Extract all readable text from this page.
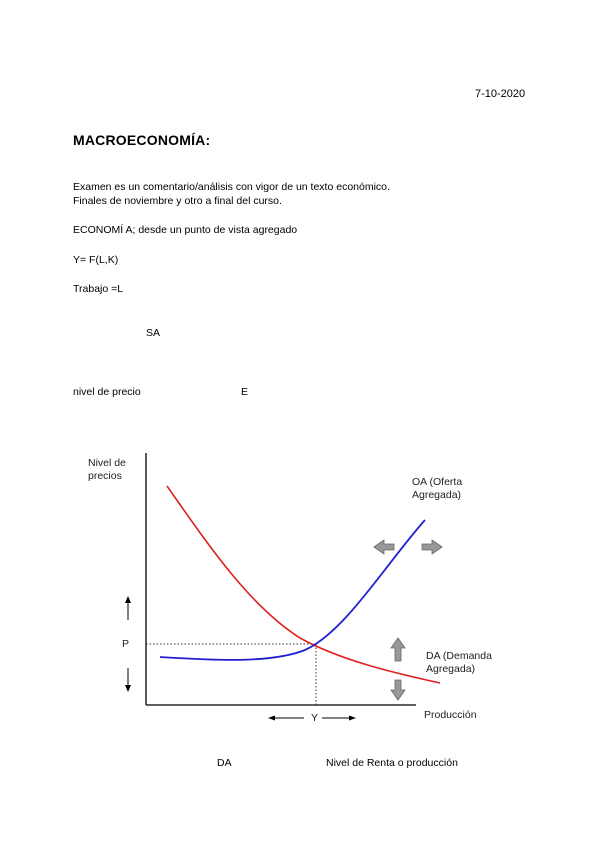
7-10-2020
MACROECONOMÍA:
Examen es un comentario/análisis con vigor de un texto económico.
Finales de noviembre y otro a final del curso.
ECONOMÍ A; desde un punto de vista agregado
Y= F(L,K)
Trabajo =L
SA
nivel de precio	E
Nivel de
precios	OA (Oferta
Agregada)
DA (Demanda
Agregada)
P
Y	Producción
DA	Nivel de Renta o producción
